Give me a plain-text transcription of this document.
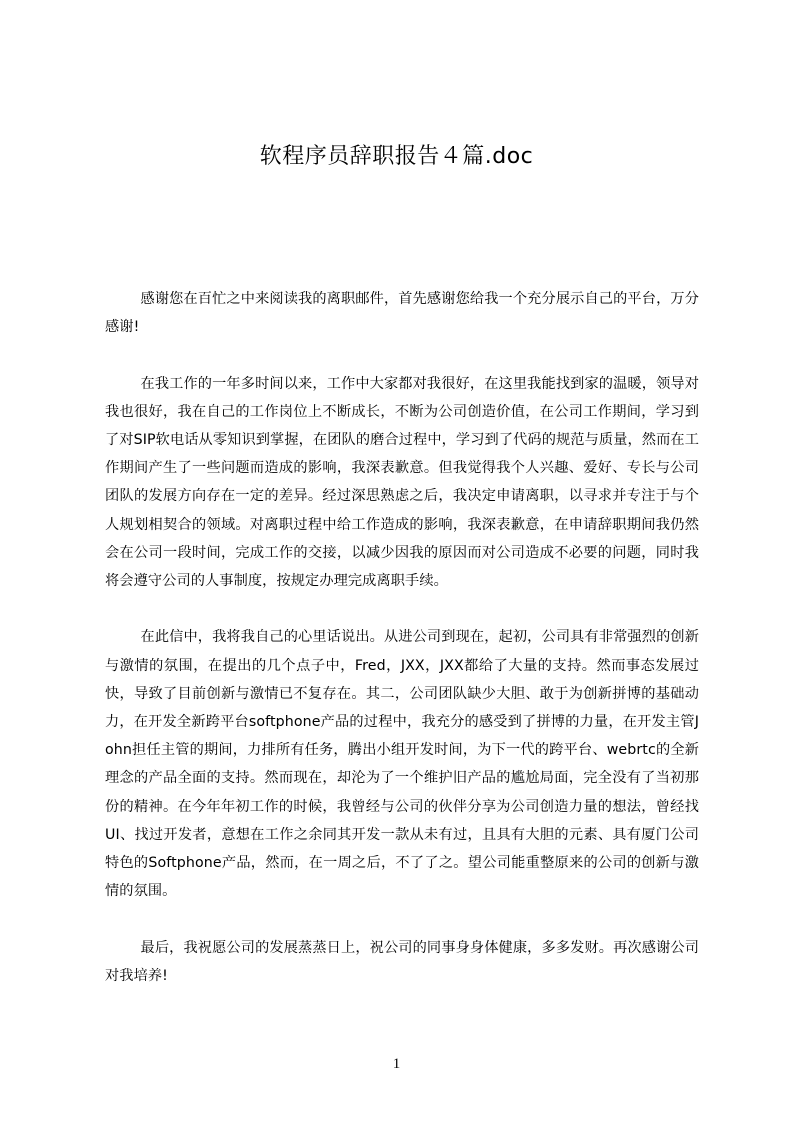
软程序员辞职报告４篇.doc

感谢您在百忙之中来阅读我的离职邮件，首先感谢您给我一个充分展示自己的平台，万分感谢!

在我工作的一年多时间以来，工作中大家都对我很好，在这里我能找到家的温暖，领导对我也很好，我在自己的工作岗位上不断成长，不断为公司创造价值，在公司工作期间，学习到了对SIP软电话从零知识到掌握，在团队的磨合过程中，学习到了代码的规范与质量，然而在工作期间产生了一些问题而造成的影响，我深表歉意。但我觉得我个人兴趣、爱好、专长与公司团队的发展方向存在一定的差异。经过深思熟虑之后，我决定申请离职，以寻求并专注于与个人规划相契合的领域。对离职过程中给工作造成的影响，我深表歉意，在申请辞职期间我仍然会在公司一段时间，完成工作的交接，以减少因我的原因而对公司造成不必要的问题，同时我将会遵守公司的人事制度，按规定办理完成离职手续。

在此信中，我将我自己的心里话说出。从进公司到现在，起初，公司具有非常强烈的创新与激情的氛围，在提出的几个点子中，Fred，JXX，JXX都给了大量的支持。然而事态发展过快，导致了目前创新与激情已不复存在。其二，公司团队缺少大胆、敢于为创新拼博的基础动力，在开发全新跨平台softphone产品的过程中，我充分的感受到了拼博的力量，在开发主管John担任主管的期间，力排所有任务，腾出小组开发时间，为下一代的跨平台、webrtc的全新理念的产品全面的支持。然而现在，却沦为了一个维护旧产品的尴尬局面，完全没有了当初那份的精神。在今年年初工作的时候，我曾经与公司的伙伴分享为公司创造力量的想法，曾经找UI、找过开发者，意想在工作之余同其开发一款从未有过，且具有大胆的元素、具有厦门公司特色的Softphone产品，然而，在一周之后，不了了之。望公司能重整原来的公司的创新与激情的氛围。

最后，我祝愿公司的发展蒸蒸日上，祝公司的同事身身体健康，多多发财。再次感谢公司对我培养!

1
